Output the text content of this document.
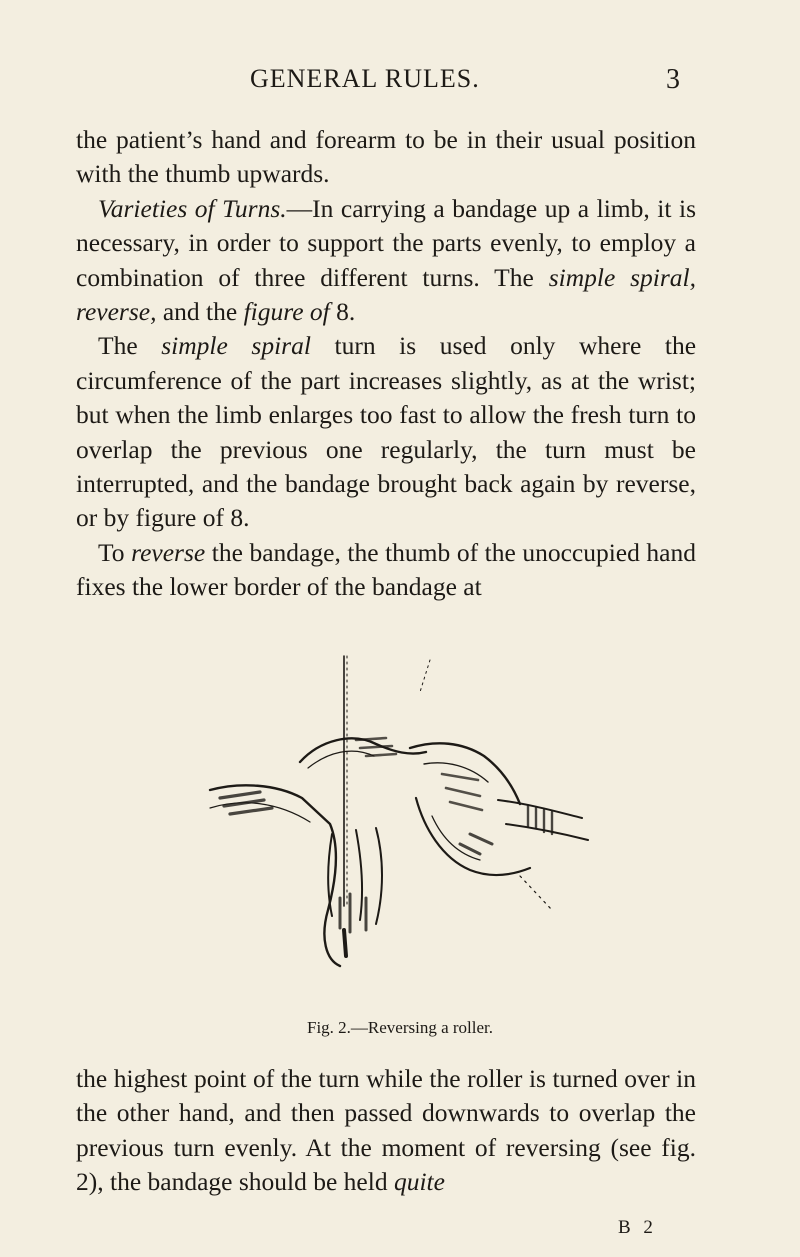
GENERAL RULES.	3

the patient’s hand and forearm to be in their usual position with the thumb upwards.

Varieties of Turns.—In carrying a bandage up a limb, it is necessary, in order to support the parts evenly, to employ a combination of three different turns. The simple spiral, reverse, and the figure of 8.

The simple spiral turn is used only where the circumference of the part increases slightly, as at the wrist; but when the limb enlarges too fast to allow the fresh turn to overlap the previous one regularly, the turn must be interrupted, and the bandage brought back again by reverse, or by figure of 8.

To reverse the bandage, the thumb of the unoccupied hand fixes the lower border of the bandage at

Fig. 2.—Reversing a roller.

the highest point of the turn while the roller is turned over in the other hand, and then passed downwards to overlap the previous turn evenly. At the moment of reversing (see fig. 2), the bandage should be held quite

B 2
